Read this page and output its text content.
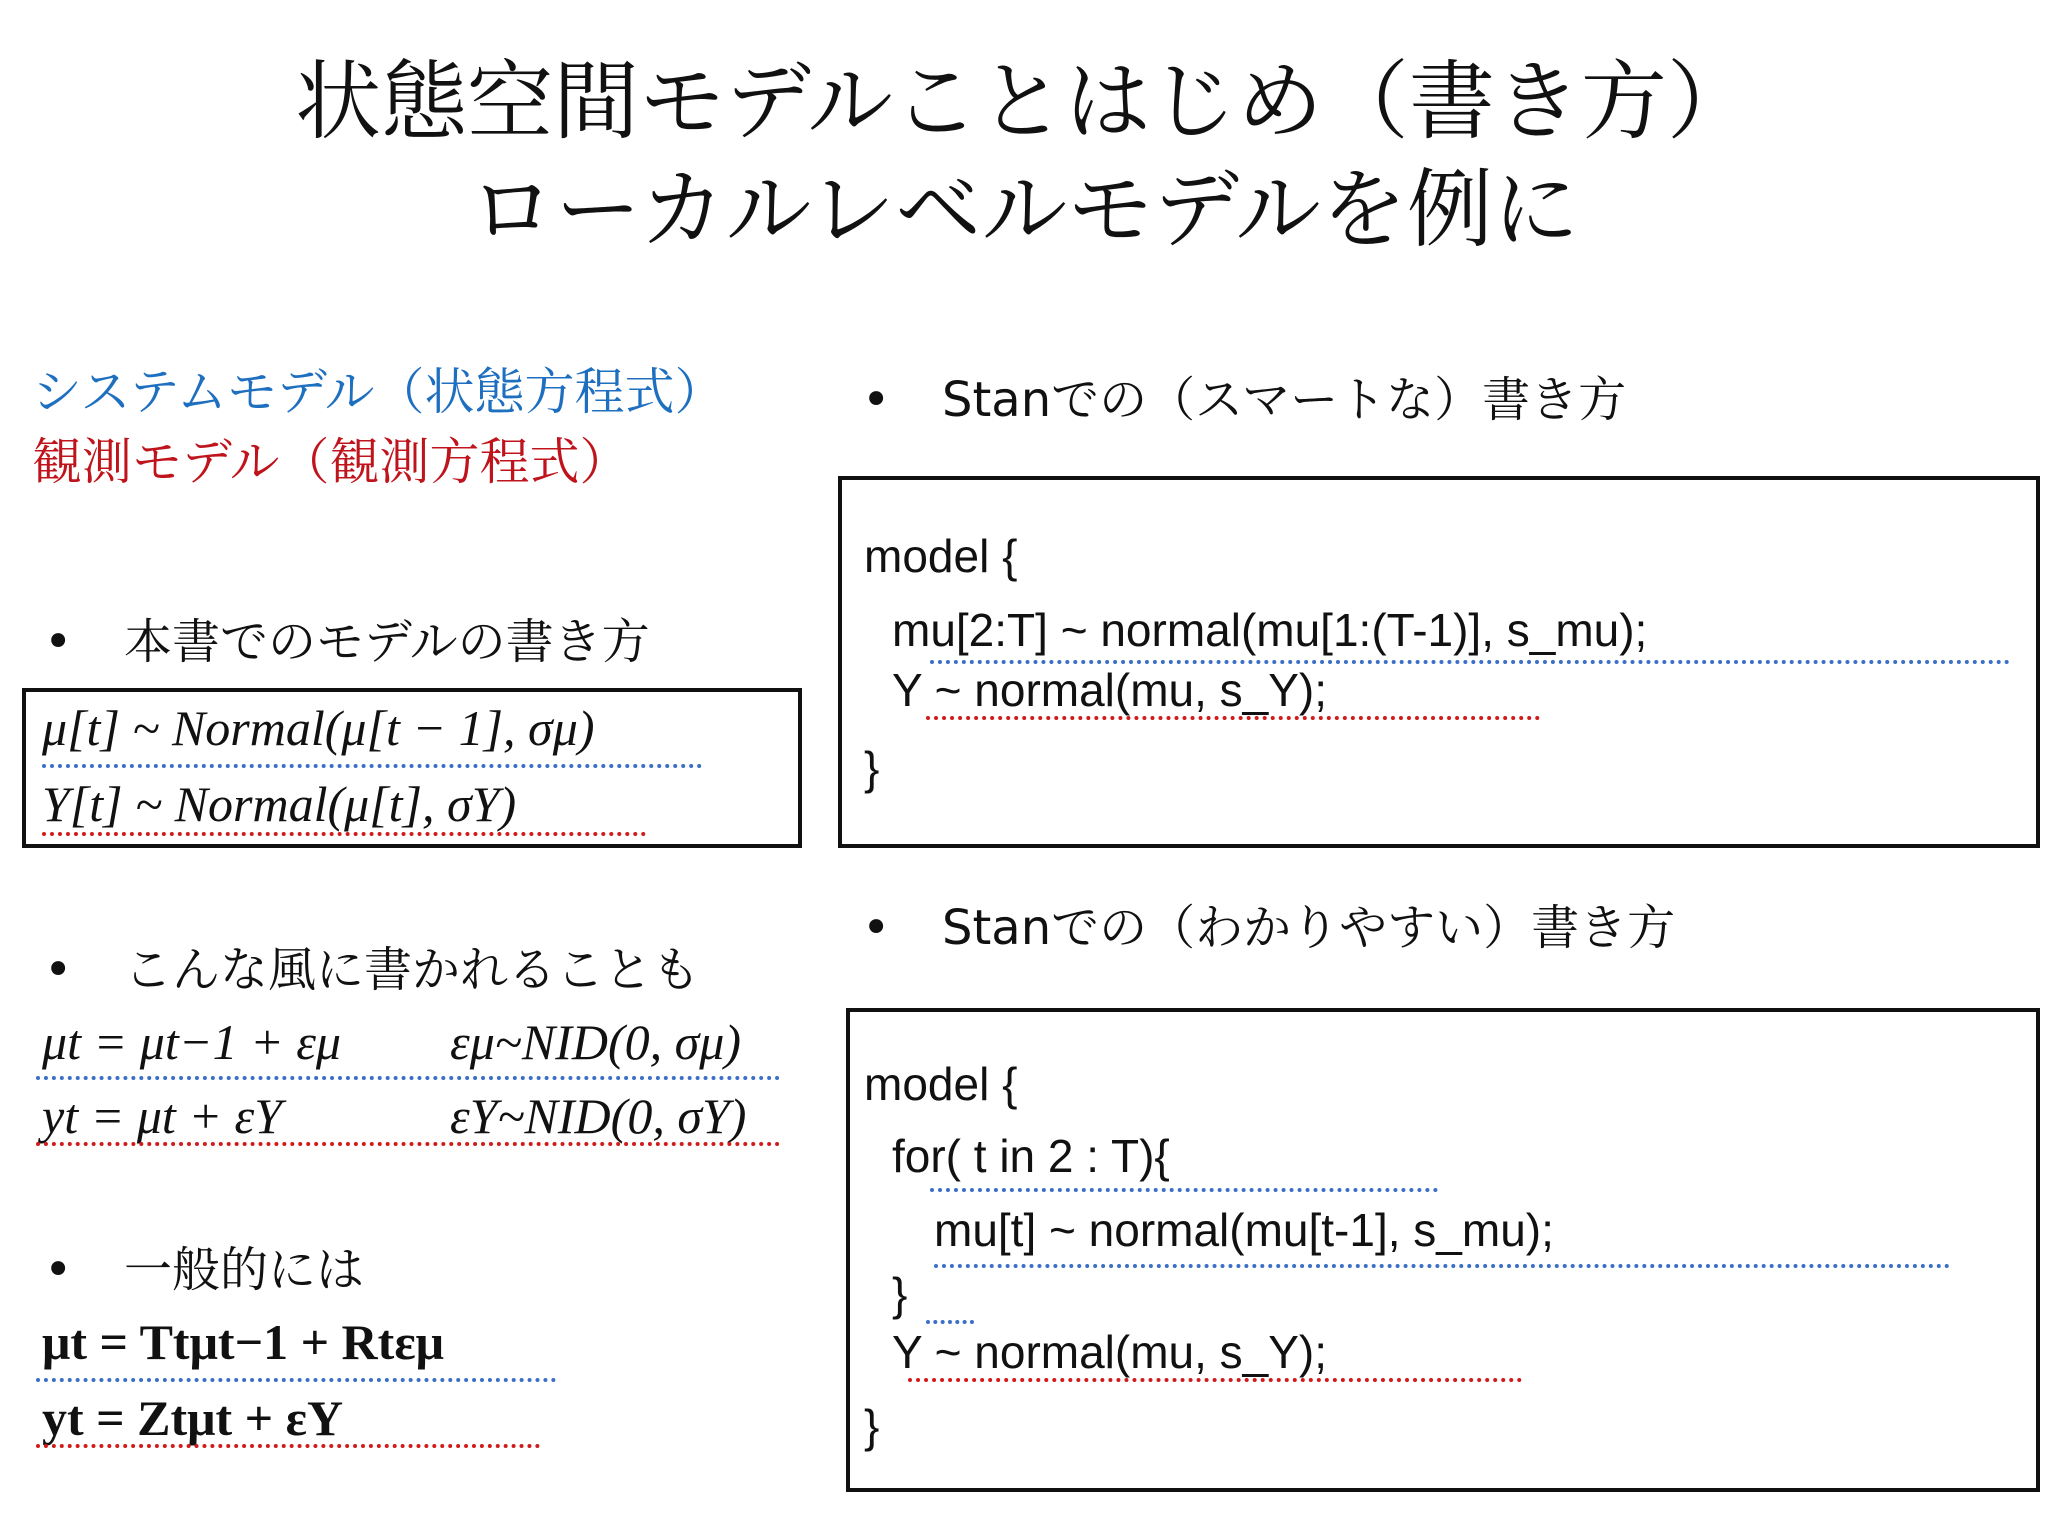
状態空間モデルことはじめ（書き方）
ローカルレベルモデルを例に
システムモデル（状態方程式）
観測モデル（観測方程式）
• 本書でのモデルの書き方
μ[t] ~ Normal(μ[t − 1], σμ)
Y[t] ~ Normal(μ[t], σY)
• こんな風に書かれることも
μt = μt−1 + εμ εμ~NID(0, σμ)
yt = μt + εY	εY~NID(0, σY)
• 一般的には
μt = Ttμt−1 + Rtεμ
yt = Ztμt + εY
• Stanでの（スマートな）書き方
model {
mu[2:T] ~ normal(mu[1:(T-1)], s_mu);
Y ~ normal(mu, s_Y);
}
• Stanでの（わかりやすい）書き方
model {
for( t in 2 : T){
mu[t] ~ normal(mu[t-1], s_mu);
}
Y ~ normal(mu, s_Y);
}
